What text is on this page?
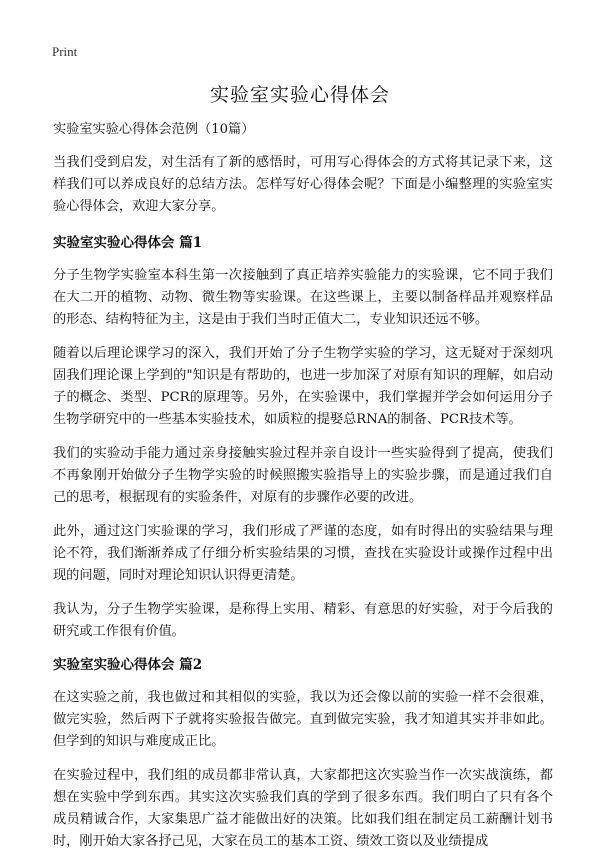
Print
实验室实验心得体会

实验室实验心得体会范例（10篇）

当我们受到启发，对生活有了新的感悟时，可用写心得体会的方式将其记录下来，这样我们可以养成良好的总结方法。怎样写好心得体会呢？下面是小编整理的实验室实验心得体会，欢迎大家分享。

实验室实验心得体会 篇1

分子生物学实验室本科生第一次接触到了真正培养实验能力的实验课，它不同于我们在大二开的植物、动物、微生物等实验课。在这些课上，主要以制备样品并观察样品的形态、结构特征为主，这是由于我们当时正值大二，专业知识还远不够。

随着以后理论课学习的深入，我们开始了分子生物学实验的学习，这无疑对于深刻巩固我们理论课上学到的"知识是有帮助的，也进一步加深了对原有知识的理解，如启动子的概念、类型、PCR的原理等。另外，在实验课中，我们掌握并学会如何运用分子生物学研究中的一些基本实验技术，如质粒的提娶总RNA的制备、PCR技术等。

我们的实验动手能力通过亲身接触实验过程并亲自设计一些实验得到了提高，使我们不再象刚开始做分子生物学实验的时候照搬实验指导上的实验步骤，而是通过我们自己的思考，根据现有的实验条件，对原有的步骤作必要的改进。

此外，通过这门实验课的学习，我们形成了严谨的态度，如有时得出的实验结果与理论不符，我们渐渐养成了仔细分析实验结果的习惯，查找在实验设计或操作过程中出现的问题，同时对理论知识认识得更清楚。

我认为，分子生物学实验课，是称得上实用、精彩、有意思的好实验，对于今后我的研究或工作很有价值。

实验室实验心得体会 篇2

在这实验之前，我也做过和其相似的实验，我以为还会像以前的实验一样不会很难，做完实验，然后两下子就将实验报告做完。直到做完实验，我才知道其实并非如此。但学到的知识与难度成正比。

在实验过程中，我们组的成员都非常认真，大家都把这次实验当作一次实战演练，都想在实验中学到东西。其实这次实验我们真的学到了很多东西。我们明白了只有各个成员精诚合作，大家集思广益才能做出好的决策。比如我们组在制定员工薪酬计划书时，刚开始大家各抒己见，大家在员工的基本工资、绩效工资以及业绩提成
